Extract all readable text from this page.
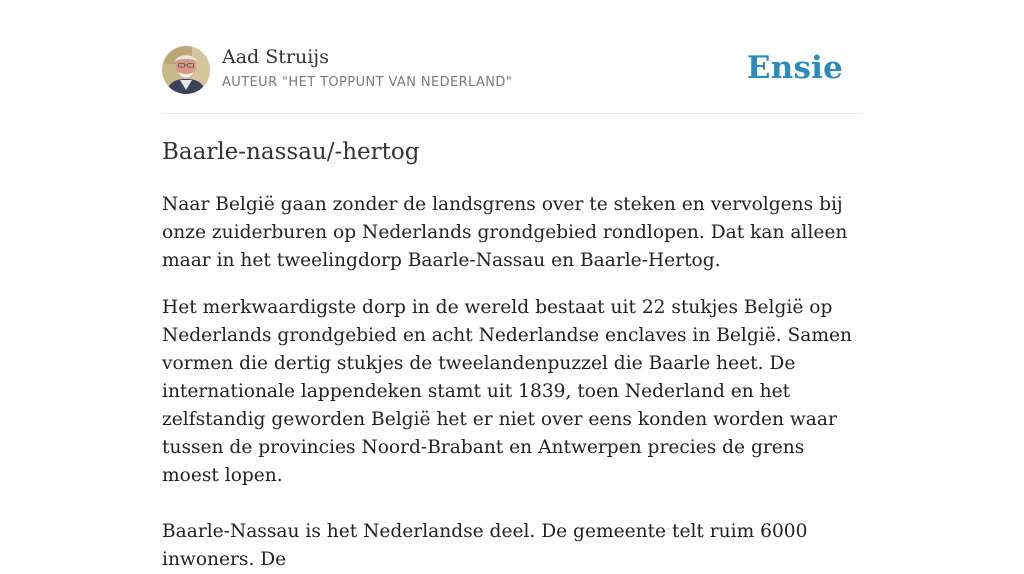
Aad Struijs
AUTEUR "HET TOPPUNT VAN NEDERLAND"	Ensie
Baarle-nassau/-hertog

Naar België gaan zonder de landsgrens over te steken en vervolgens bij onze zuiderburen op Nederlands grondgebied rondlopen. Dat kan alleen maar in het tweelingdorp Baarle-Nassau en Baarle-Hertog.

Het merkwaardigste dorp in de wereld bestaat uit 22 stukjes België op Nederlands grondgebied en acht Nederlandse enclaves in België. Samen vormen die dertig stukjes de tweelandenpuzzel die Baarle heet. De internationale lappendeken stamt uit 1839, toen Nederland en het zelfstandig geworden België het er niet over eens konden worden waar tussen de provincies Noord-Brabant en Antwerpen precies de grens moest lopen.

Baarle-Nassau is het Nederlandse deel. De gemeente telt ruim 6000 inwoners. De
